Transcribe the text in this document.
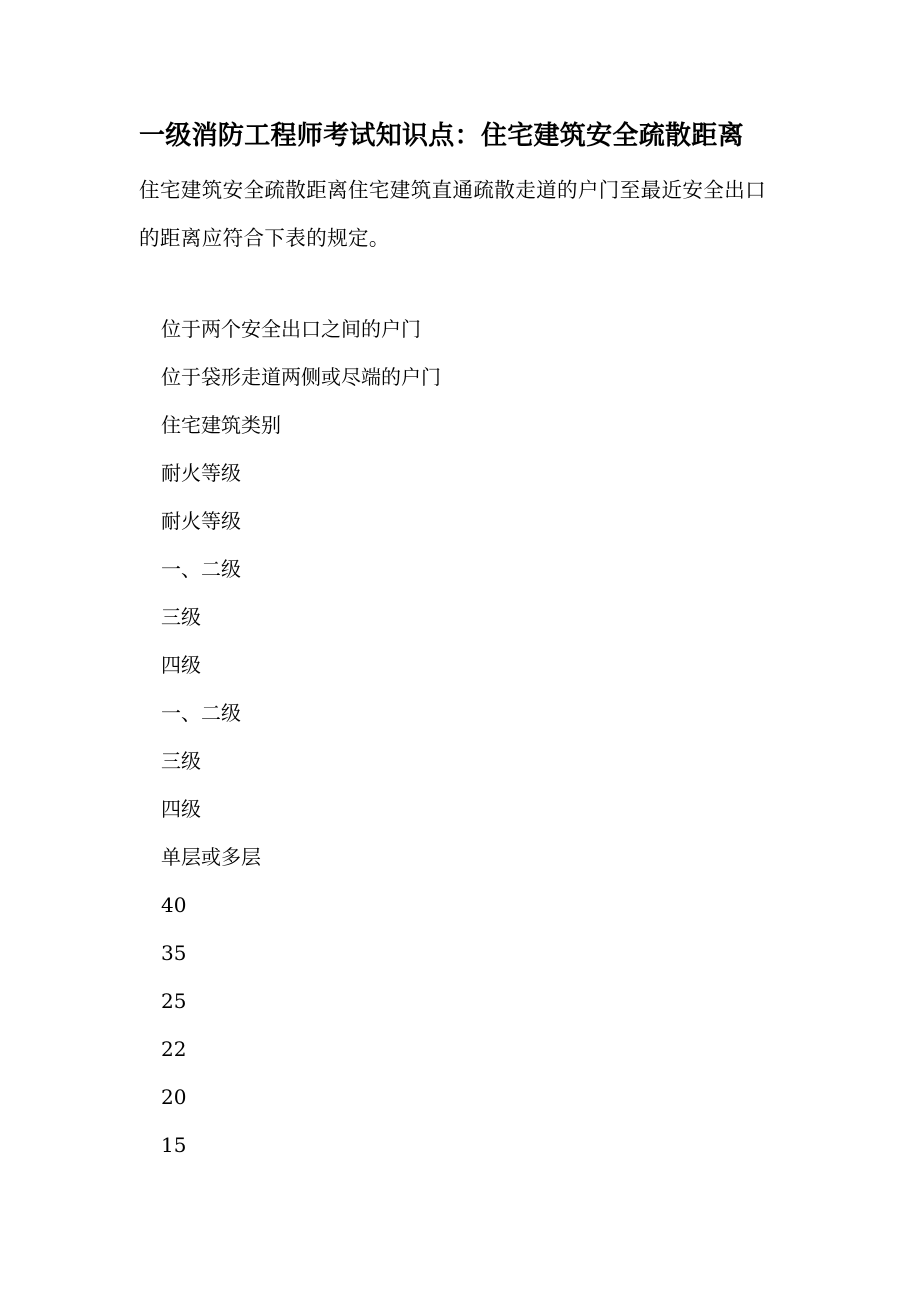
一级消防工程师考试知识点：住宅建筑安全疏散距离

住宅建筑安全疏散距离住宅建筑直通疏散走道的户门至最近安全出口的距离应符合下表的规定。

位于两个安全出口之间的户门
位于袋形走道两侧或尽端的户门
住宅建筑类别
耐火等级
耐火等级
一、二级
三级
四级
一、二级
三级
四级
单层或多层
40
35
25
22
20
15
